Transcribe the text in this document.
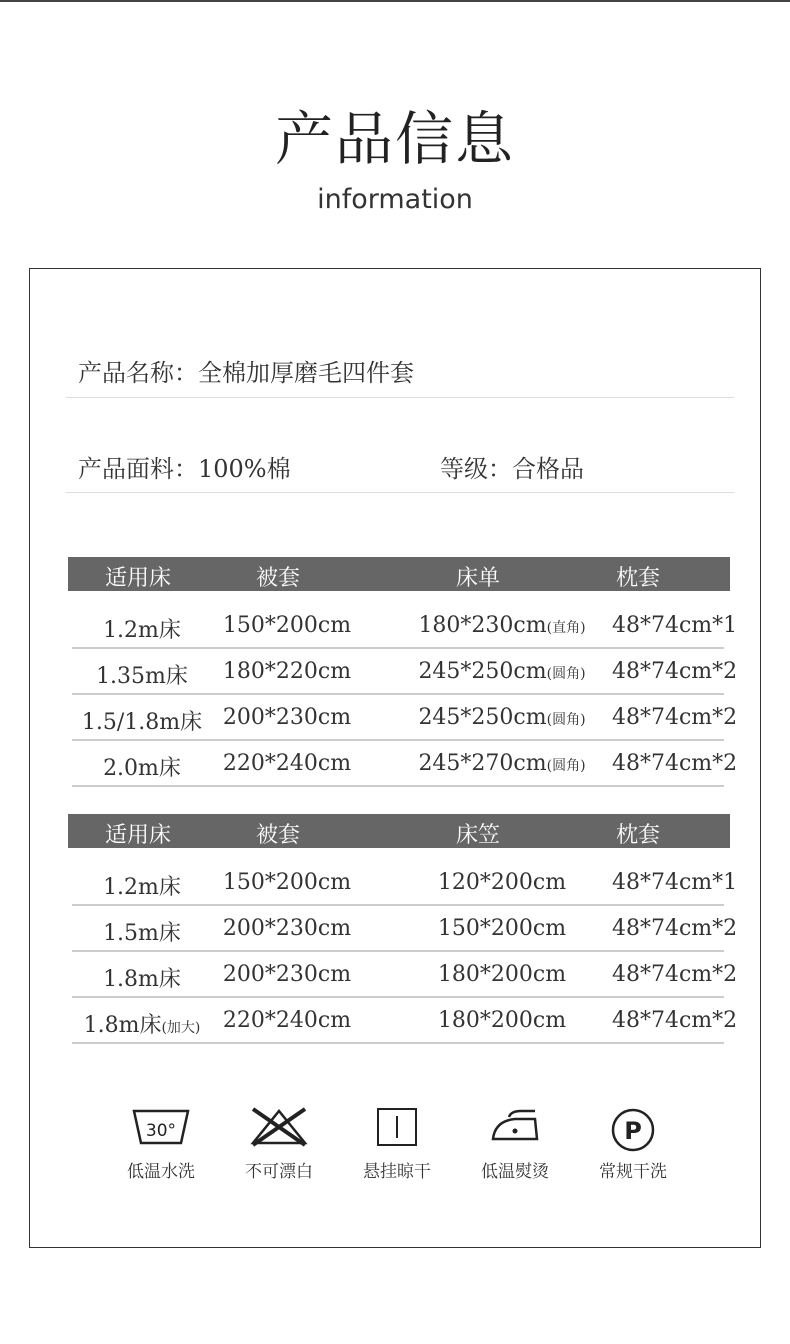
产品信息
information
产品名称：全棉加厚磨毛四件套
产品面料：100%棉	等级：合格品
适用床	被套	床单	枕套
1.2m床	150*200cm	180*230cm(直角)	48*74cm*1
1.35m床	180*220cm	245*250cm(圆角)	48*74cm*2
1.5/1.8m床 200*230cm	245*250cm(圆角)	48*74cm*2
2.0m床	220*240cm	245*270cm(圆角)	48*74cm*2
适用床	被套	床笠	枕套
1.2m床	150*200cm	120*200cm	48*74cm*1
1.5m床	200*230cm	150*200cm	48*74cm*2
1.8m床	200*230cm	180*200cm	48*74cm*2
1.8m床(加大)	220*240cm	180*200cm	48*74cm*2
30°
低温水洗	不可漂白	悬挂晾干	低温熨烫
P
常规干洗
